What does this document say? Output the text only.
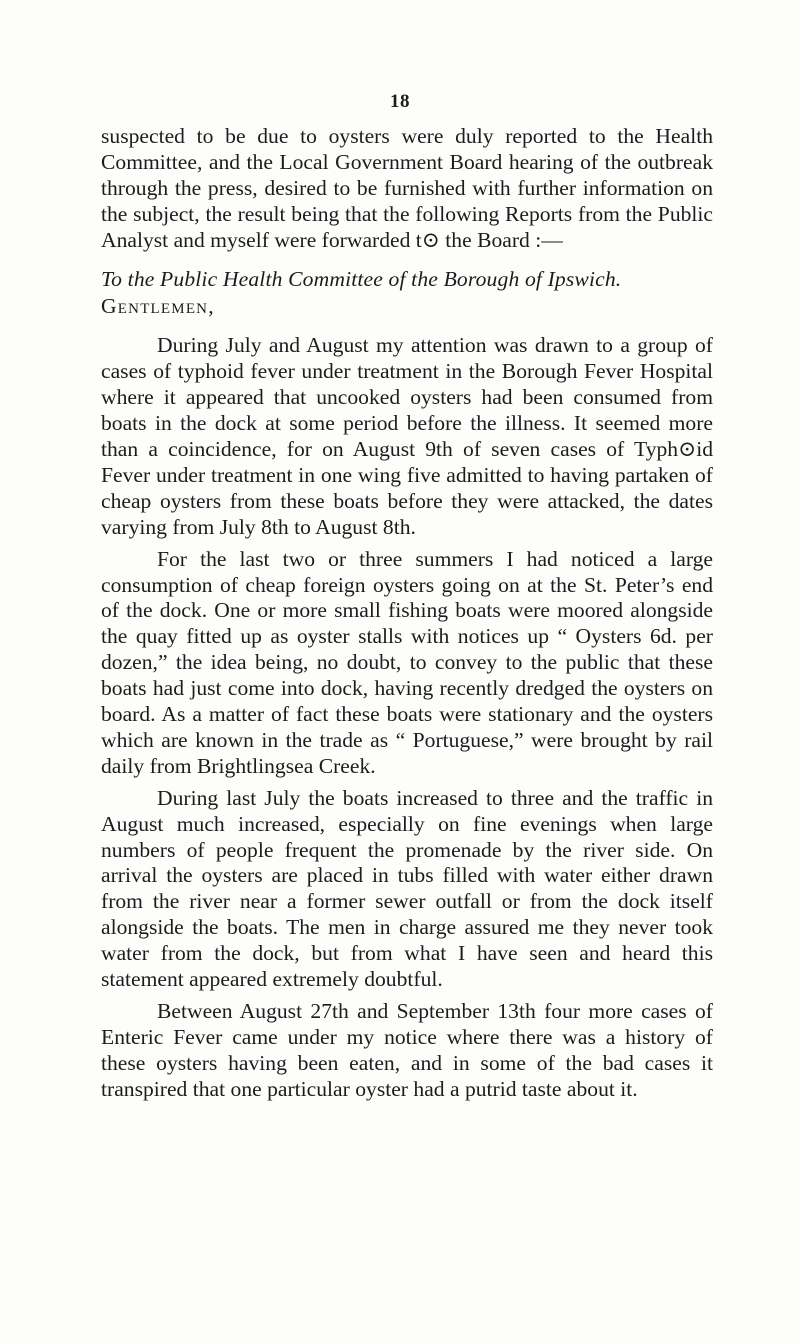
18

suspected to be due to oysters were duly reported to the Health Committee, and the Local Government Board hearing of the outbreak through the press, desired to be furnished with further information on the subject, the result being that the following Reports from the Public Analyst and myself were forwarded t⊙ the Board :—

To the Public Health Committee of the Borough of Ipswich.

Gentlemen,

During July and August my attention was drawn to a group of cases of typhoid fever under treatment in the Borough Fever Hospital where it appeared that uncooked oysters had been consumed from boats in the dock at some period before the illness. It seemed more than a coincidence, for on August 9th of seven cases of Typh⊙id Fever under treatment in one wing five admitted to having partaken of cheap oysters from these boats before they were attacked, the dates varying from July 8th to August 8th.

For the last two or three summers I had noticed a large consumption of cheap foreign oysters going on at the St. Peter’s end of the dock. One or more small fishing boats were moored alongside the quay fitted up as oyster stalls with notices up “ Oysters 6d. per dozen,” the idea being, no doubt, to convey to the public that these boats had just come into dock, having recently dredged the oysters on board. As a matter of fact these boats were stationary and the oysters which are known in the trade as “ Portuguese,” were brought by rail daily from Brightlingsea Creek.

During last July the boats increased to three and the traffic in August much increased, especially on fine evenings when large numbers of people frequent the promenade by the river side. On arrival the oysters are placed in tubs filled with water either drawn from the river near a former sewer outfall or from the dock itself alongside the boats. The men in charge assured me they never took water from the dock, but from what I have seen and heard this statement appeared extremely doubtful.

Between August 27th and September 13th four more cases of Enteric Fever came under my notice where there was a history of these oysters having been eaten, and in some of the bad cases it transpired that one particular oyster had a putrid taste about it.
